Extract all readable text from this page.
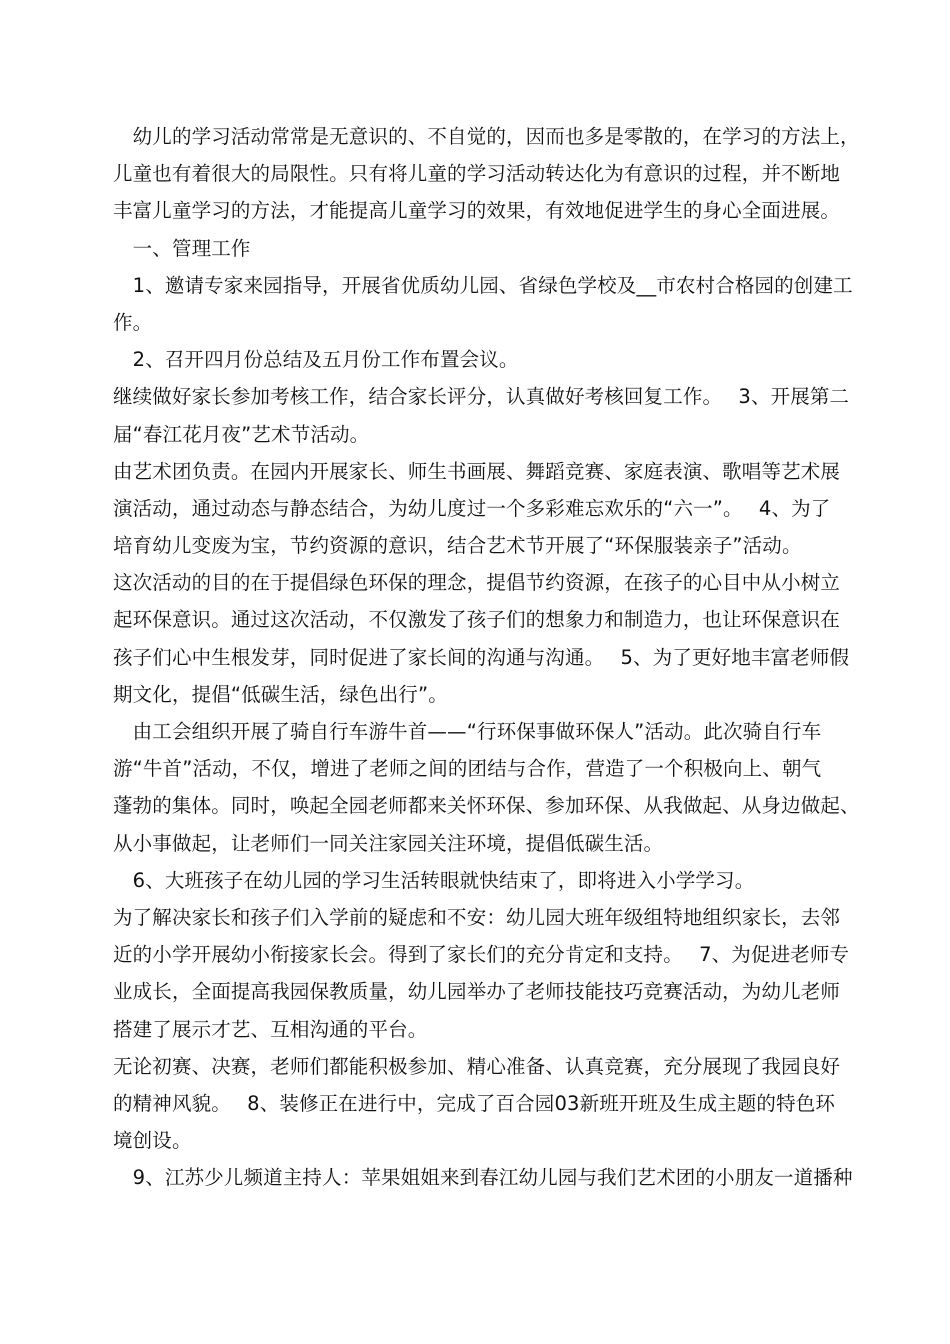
　幼儿的学习活动常常是无意识的、不自觉的，因而也多是零散的，在学习的方法上，
儿童也有着很大的局限性。只有将儿童的学习活动转达化为有意识的过程，并不断地
丰富儿童学习的方法，才能提高儿童学习的效果，有效地促进学生的身心全面进展。
　一、管理工作
　1、邀请专家来园指导，开展省优质幼儿园、省绿色学校及__市农村合格园的创建工
作。
　2、召开四月份总结及五月份工作布置会议。
继续做好家长参加考核工作，结合家长评分，认真做好考核回复工作。　 3、开展第二
届“春江花月夜”艺术节活动。
由艺术团负责。在园内开展家长、师生书画展、舞蹈竞赛、家庭表演、歌唱等艺术展
演活动，通过动态与静态结合，为幼儿度过一个多彩难忘欢乐的“六一”。　 4、为了
培育幼儿变废为宝，节约资源的意识，结合艺术节开展了“环保服装亲子”活动。
这次活动的目的在于提倡绿色环保的理念，提倡节约资源，在孩子的心目中从小树立
起环保意识。通过这次活动，不仅激发了孩子们的想象力和制造力，也让环保意识在
孩子们心中生根发芽，同时促进了家长间的沟通与沟通。　 5、为了更好地丰富老师假
期文化，提倡“低碳生活，绿色出行”。
　由工会组织开展了骑自行车游牛首——“行环保事做环保人”活动。此次骑自行车
游“牛首”活动，不仅，增进了老师之间的团结与合作，营造了一个积极向上、朝气
蓬勃的集体。同时，唤起全园老师都来关怀环保、参加环保、从我做起、从身边做起、
从小事做起，让老师们一同关注家园关注环境，提倡低碳生活。
　6、大班孩子在幼儿园的学习生活转眼就快结束了，即将进入小学学习。
为了解决家长和孩子们入学前的疑虑和不安：幼儿园大班年级组特地组织家长，去邻
近的小学开展幼小衔接家长会。得到了家长们的充分肯定和支持。　 7、为促进老师专
业成长，全面提高我园保教质量，幼儿园举办了老师技能技巧竞赛活动，为幼儿老师
搭建了展示才艺、互相沟通的平台。
无论初赛、决赛，老师们都能积极参加、精心准备、认真竞赛，充分展现了我园良好
的精神风貌。　 8、装修正在进行中，完成了百合园03新班开班及生成主题的特色环
境创设。
　9、江苏少儿频道主持人：苹果姐姐来到春江幼儿园与我们艺术团的小朋友一道播种
